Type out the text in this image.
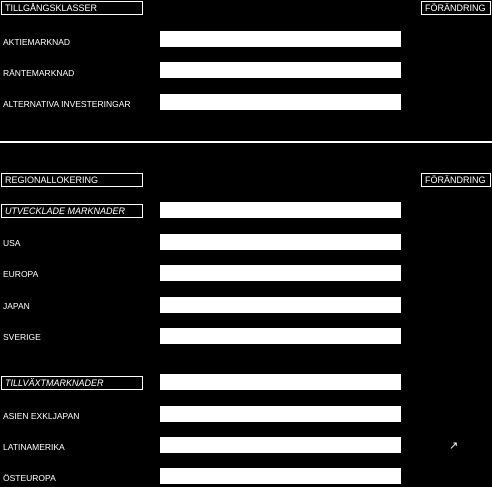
TILLGÅNGSKLASSER	FÖRÄNDRING
AKTIEMARKNAD
RÄNTEMARKNAD
ALTERNATIVA INVESTERINGAR
REGIONALLOKERING	FÖRÄNDRING
UTVECKLADE MARKNADER
USA
EUROPA
JAPAN
SVERIGE
TILLVÄXTMARKNADER
ASIEN EXKLJAPAN
LATINAMERIKA	↗
ÖSTEUROPA
